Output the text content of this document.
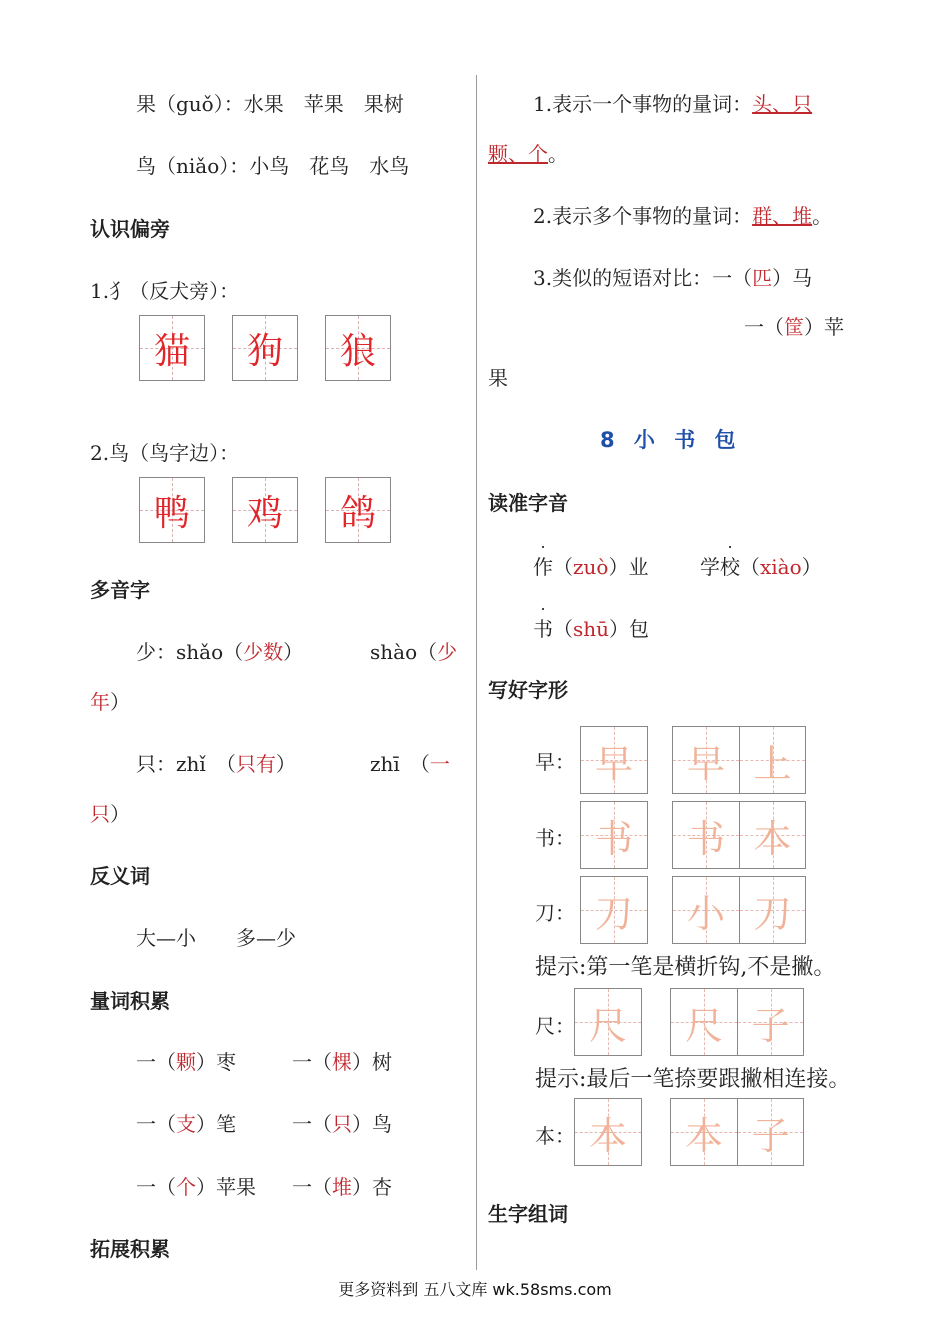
果（guǒ）：水果　苹果　果树
鸟（niǎo）：小鸟　花鸟　水鸟
认识偏旁
1.犭（反犬旁）：
猫	狗	狼
2.鸟（鸟字边）：
鸭	鸡	鸽
多音字
少：shǎo（少数）	shào（少
年）
只：zhǐ　（只有）	zhī　（一
只）
反义词
大—小　　多—少
量词积累
一（颗）枣	一（棵）树
一（支）笔	一（只）鸟
一（个）苹果 一（堆）杏
拓展积累
1.表示一个事物的量词：头、只
颗、个。
2.表示多个事物的量词：群、堆。
3.类似的短语对比：一（匹）马
一（筐）苹
果
8 小 书 包
读准字音
作（zuò）业	学校（xiào）
书（shū）包
写好字形
早： 早	早 上
书： 书	书 本
刀： 刀	小 刀
提示:第一笔是横折钩,不是撇。
尺： 尺	尺 子
提示:最后一笔捺要跟撇相连接。
本： 本	本 子
生字组词
更多资料到 五八文库 wk.58sms.com
